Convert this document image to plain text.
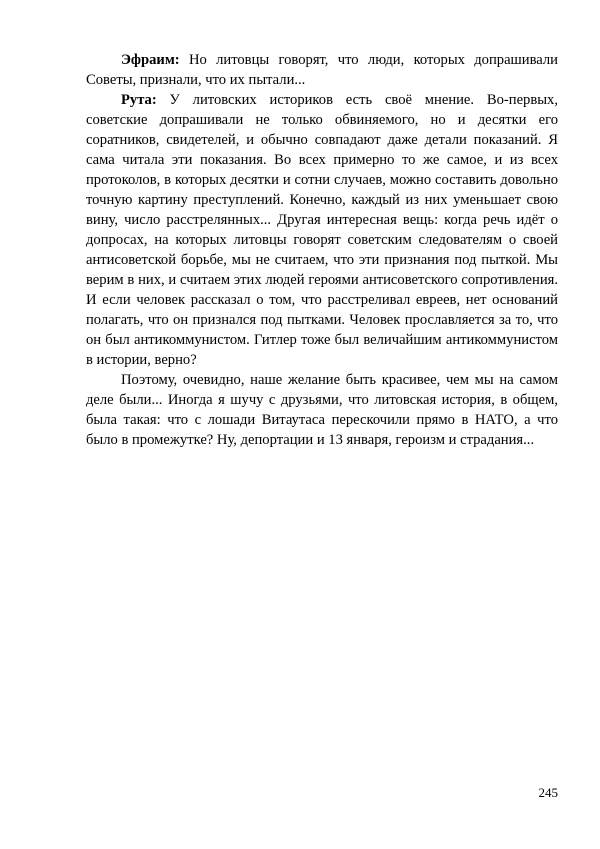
Эфраим: Но литовцы говорят, что люди, которых допрашивали Советы, признали, что их пытали...

Рута: У литовских историков есть своё мнение. Во-первых, советские допрашивали не только обвиняемого, но и десятки его соратников, свидетелей, и обычно совпадают даже детали показаний. Я сама читала эти показания. Во всех примерно то же самое, и из всех протоколов, в которых десятки и сотни случаев, можно составить довольно точную картину преступлений. Конечно, каждый из них уменьшает свою вину, число расстрелянных... Другая интересная вещь: когда речь идёт о допросах, на которых литовцы говорят советским следователям о своей антисоветской борьбе, мы не считаем, что эти признания под пыткой. Мы верим в них, и считаем этих людей героями антисоветского сопротивления. И если человек рассказал о том, что расстреливал евреев, нет оснований полагать, что он признался под пытками. Человек прославляется за то, что он был антикоммунистом. Гитлер тоже был величайшим антикоммунистом в истории, верно?

Поэтому, очевидно, наше желание быть красивее, чем мы на самом деле были... Иногда я шучу с друзьями, что литовская история, в общем, была такая: что с лошади Витаутаса перескочили прямо в НАТО, а что было в промежутке? Ну, депортации и 13 января, героизм и страдания...

245
